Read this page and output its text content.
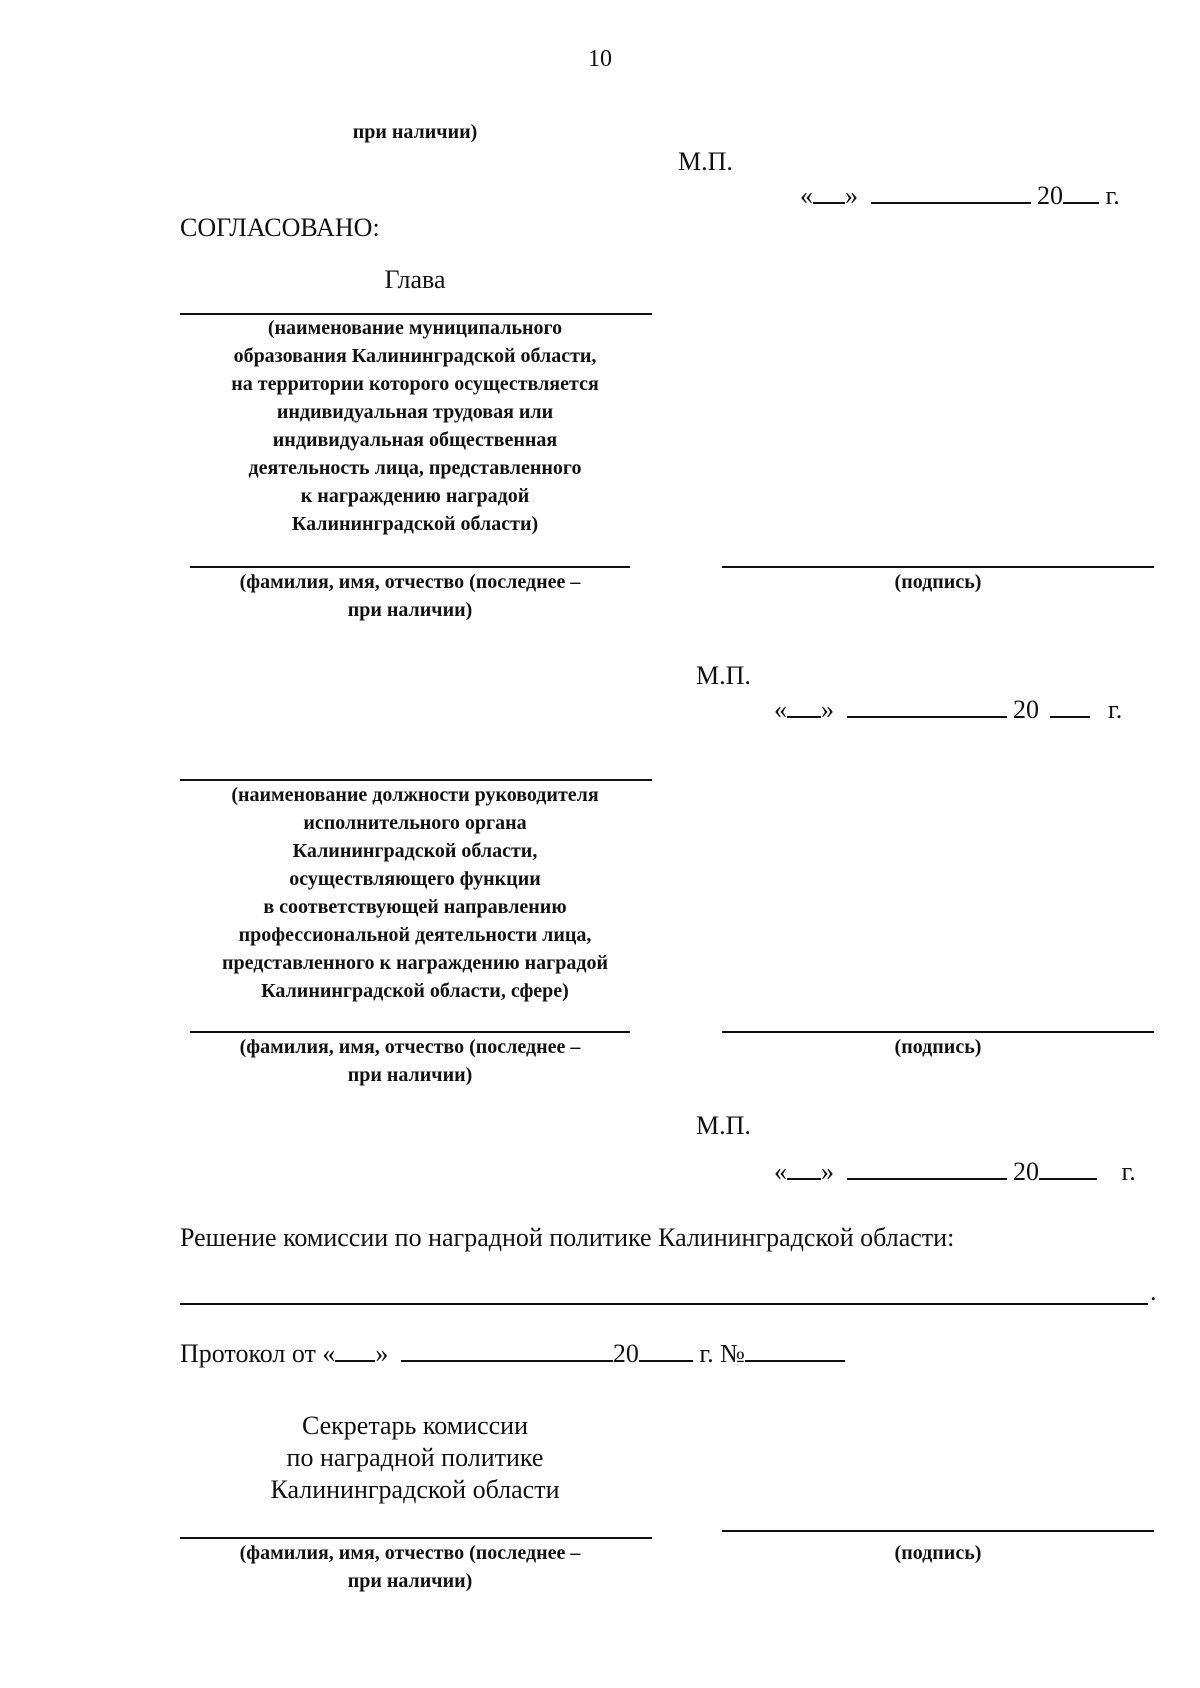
10
при наличии)
М.П.
« »	20 г.
СОГЛАСОВАНО:
Глава
(наименование муниципального
образования Калининградской области,
на территории которого осуществляется
индивидуальная трудовая или
индивидуальная общественная
деятельность лица, представленного
к награждению наградой
Калининградской области)
(фамилия, имя, отчество (последнее –
при наличии)
(подпись)
М.П.
« »	20	г.
(наименование должности руководителя
исполнительного органа
Калининградской области,
осуществляющего функции
в соответствующей направлению
профессиональной деятельности лица,
представленного к награждению наградой
Калининградской области, сфере)
(фамилия, имя, отчество (последнее –
при наличии)
(подпись)
М.П.
« »	20	г.
Решение комиссии по наградной политике Калининградской области:
.
Протокол от « »	20 г. №
Секретарь комиссии
по наградной политике
Калининградской области
(фамилия, имя, отчество (последнее –
при наличии)
(подпись)
